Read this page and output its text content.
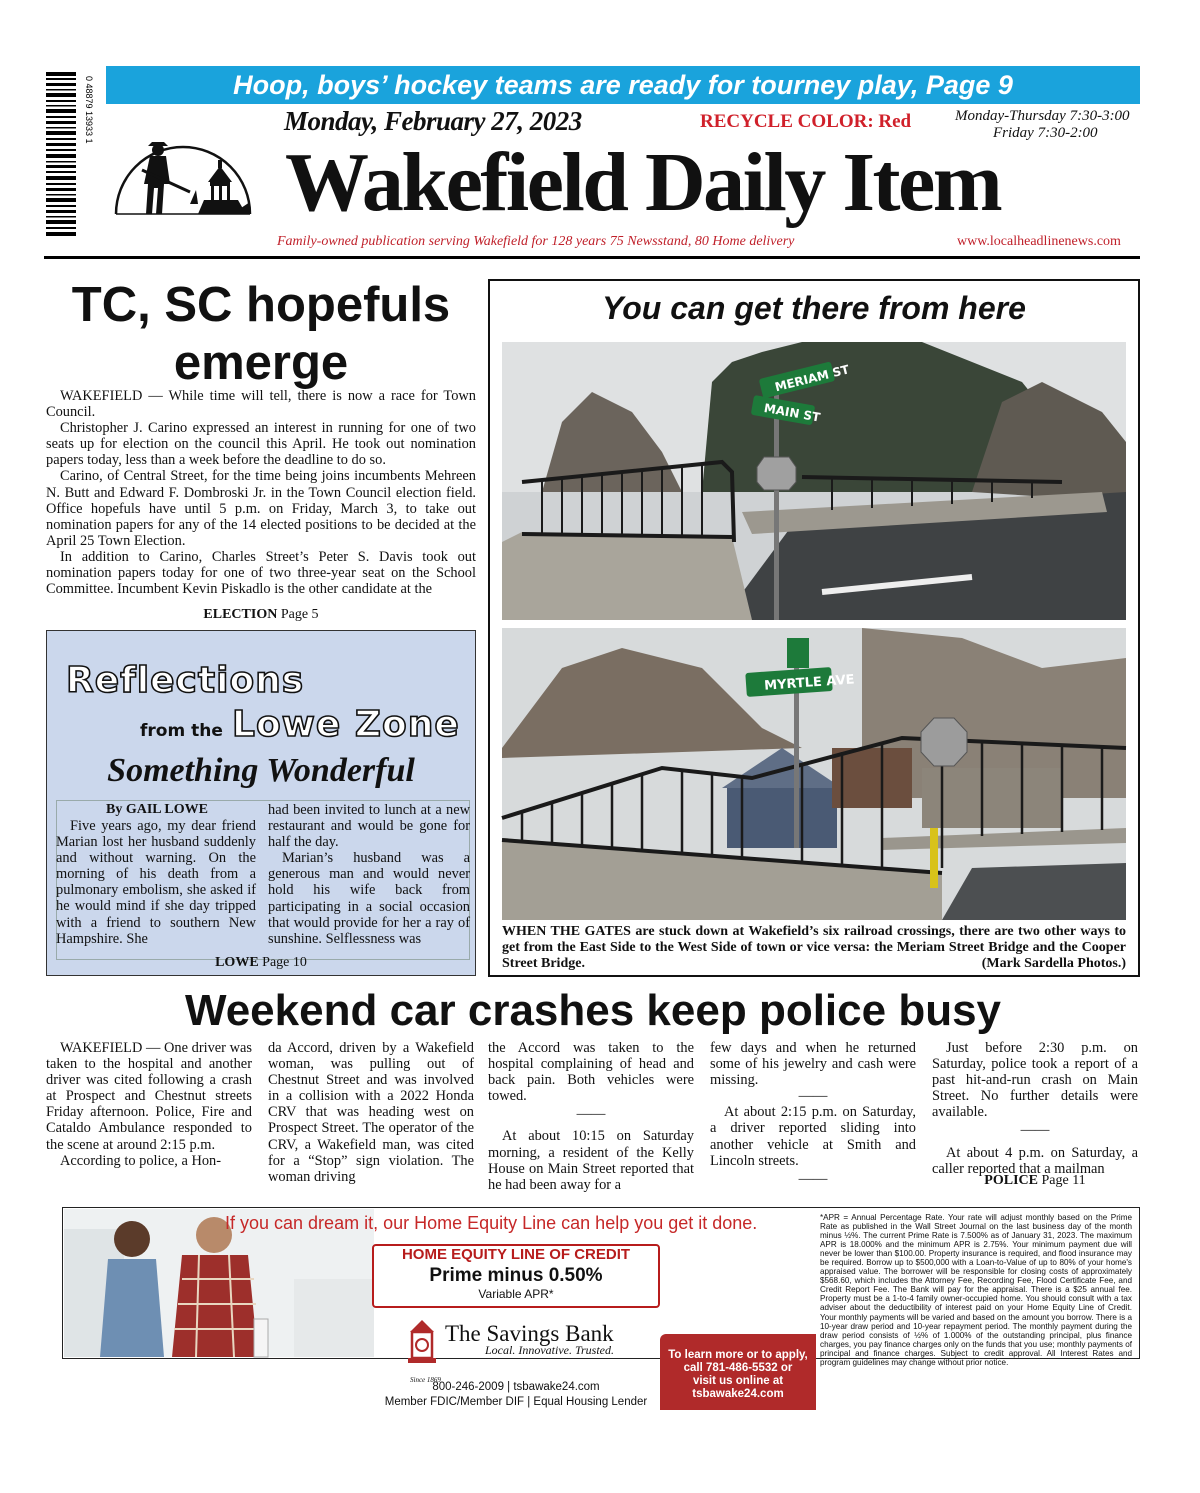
0 48879 13933 1	Hoop, boys’ hockey teams are ready for tourney play, Page 9
Monday, February 27, 2023	RECYCLE COLOR: Red	Monday-Thursday 7:30-3:00
Friday 7:30-2:00
Wakefield Daily Item
Family-owned publication serving Wakefield for 128 years 75 Newsstand, 80 Home delivery	www.localheadlinenews.com
TC, SC hopefuls emerge

WAKEFIELD — While time will tell, there is now a race for Town Council.

Christopher J. Carino expressed an interest in running for one of two seats up for election on the council this April. He took out nomination papers today, less than a week before the deadline to do so.

Carino, of Central Street, for the time being joins incumbents Mehreen N. Butt and Edward F. Dombroski Jr. in the Town Council election field. Office hopefuls have until 5 p.m. on Friday, March 3, to take out nomination papers for any of the 14 elected positions to be decided at the April 25 Town Election.

In addition to Carino, Charles Street’s Peter S. Davis took out nomination papers today for one of two three-year seat on the School Committee. Incumbent Kevin Piskadlo is the other candidate at the

ELECTION Page 5
Reflections
from the Lowe Zone
Something Wonderful
By GAIL LOWE

Five years ago, my dear friend Marian lost her husband suddenly and without warning. On the morning of his death from a pulmonary embolism, she asked if he would mind if she day tripped with a friend to southern New Hampshire. She

had been invited to lunch at a new restaurant and would be gone for half the day.

Marian’s husband was a generous man and would never hold his wife back from participating in a social occasion that would provide for her a ray of sunshine. Selflessness was

LOWE Page 10
You can get there from here
MERIAM ST
MAIN ST
MYRTLE AVE
WHEN THE GATES are stuck down at Wakefield’s six railroad crossings, there are two other ways to get from the East Side to the West Side of town or vice versa: the Meriam Street Bridge and the Cooper Street Bridge.	(Mark Sardella Photos.)
Weekend car crashes keep police busy

WAKEFIELD — One driver was taken to the hospital and another driver was cited following a crash at Prospect and Chestnut streets Friday afternoon. Police, Fire and Cataldo Ambulance responded to the scene at around 2:15 p.m.

According to police, a Hon-

da Accord, driven by a Wakefield woman, was pulling out of Chestnut Street and was involved in a collision with a 2022 Honda CRV that was heading west on Prospect Street. The operator of the CRV, a Wakefield man, was cited for a “Stop” sign violation. The woman driving

the Accord was taken to the hospital complaining of head and back pain. Both vehicles were towed.

——

At about 10:15 on Saturday morning, a resident of the Kelly House on Main Street reported that he had been away for a

few days and when he returned some of his jewelry and cash were missing.

——

At about 2:15 p.m. on Saturday, a driver reported sliding into another vehicle at Smith and Lincoln streets.

——

Just before 2:30 p.m. on Saturday, police took a report of a past hit-and-run crash on Main Street. No further details were available.

——

At about 4 p.m. on Saturday, a caller reported that a mailman

POLICE Page 11
If you can dream it, our Home Equity Line can help you get it done.
HOME EQUITY LINE OF CREDIT
Prime minus 0.50%
Variable APR*
The Savings Bank
Local. Innovative. Trusted.
Since 1869
800-246-2009 | tsbawake24.com
Member FDIC/Member DIF | Equal Housing Lender
To learn more or to apply,
call 781-486-5532 or
visit us online at
tsbawake24.com
*APR = Annual Percentage Rate. Your rate will adjust monthly based on the Prime Rate as published in the Wall Street Journal on the last business day of the month minus ½%. The current Prime Rate is 7.500% as of January 31, 2023. The maximum APR is 18.000% and the minimum APR is 2.75%. Your minimum payment due will never be lower than $100.00. Property insurance is required, and flood insurance may be required. Borrow up to $500,000 with a Loan-to-Value of up to 80% of your home's appraised value. The borrower will be responsible for closing costs of approximately $568.60, which includes the Attorney Fee, Recording Fee, Flood Certificate Fee, and Credit Report Fee. The Bank will pay for the appraisal. There is a $25 annual fee. Property must be a 1-to-4 family owner-occupied home. You should consult with a tax adviser about the deductibility of interest paid on your Home Equity Line of Credit. Your monthly payments will be varied and based on the amount you borrow. There is a 10-year draw period and 10-year repayment period. The monthly payment during the draw period consists of ½% of 1.000% of the outstanding principal, plus finance charges, you pay finance charges only on the funds that you use; monthly payments of principal and finance charges. Subject to credit approval. All Interest Rates and program guidelines may change without prior notice.
